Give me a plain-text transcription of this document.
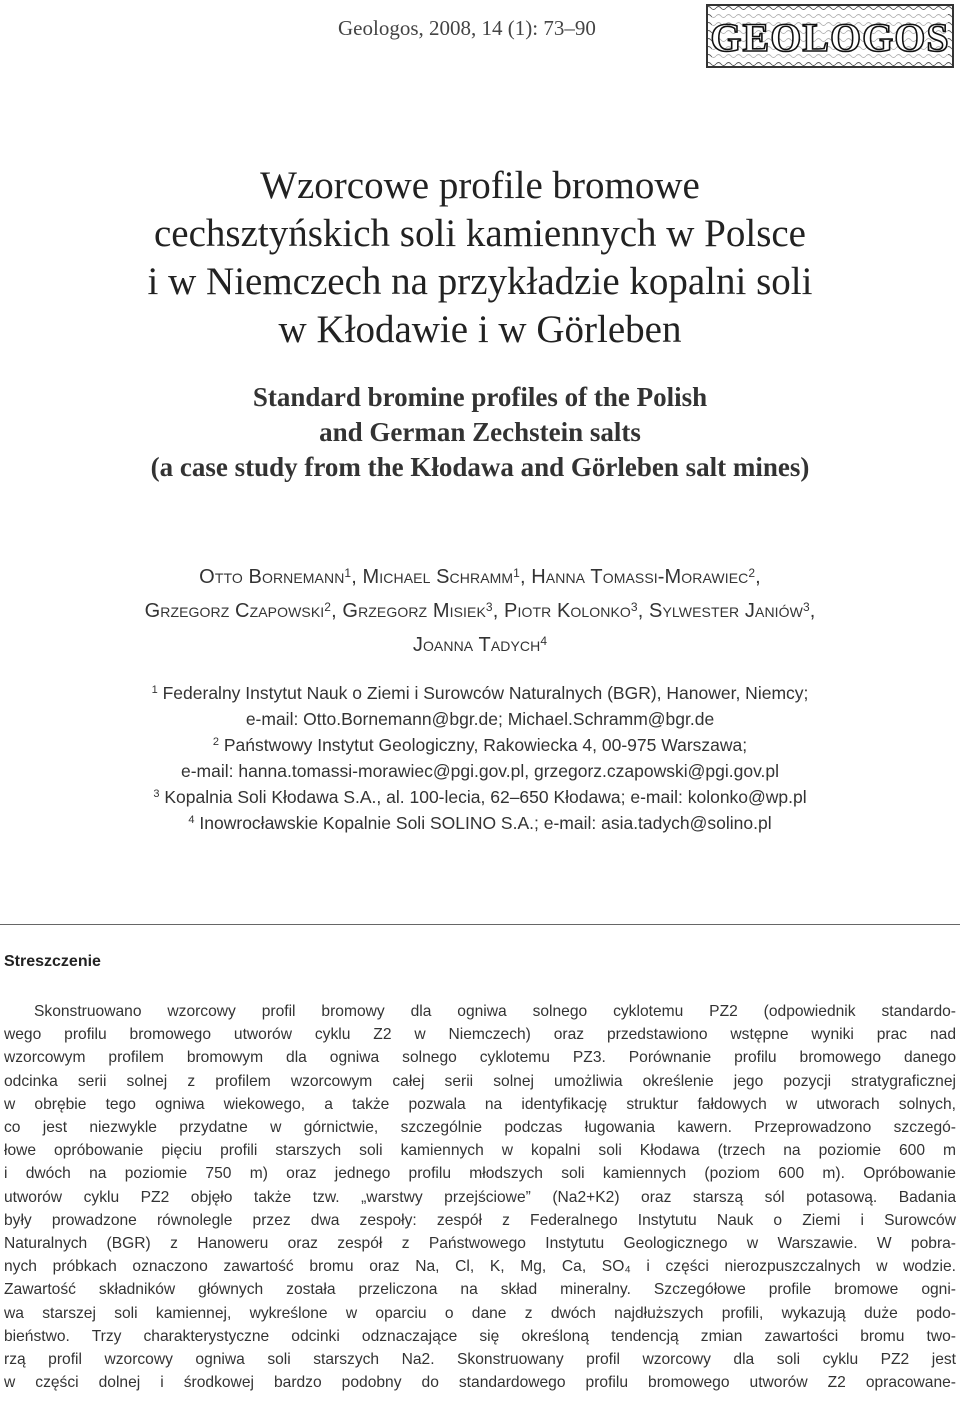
Geologos, 2008, 14 (1): 73–90	GEOLOGOS
Wzorcowe profile bromowe
cechsztyńskich soli kamiennych w Polsce
i w Niemczech na przykładzie kopalni soli
w Kłodawie i w Görleben
Standard bromine profiles of the Polish
and German Zechstein salts
(a case study from the Kłodawa and Görleben salt mines)
Otto Bornemann$^1$, Michael Schramm$^1$, Hanna Tomassi-Morawiec$^2$,
Grzegorz Czapowski$^2$, Grzegorz Misiek$^3$, Piotr Kolonko$^3$, Sylwester Janiów$^3$,
Joanna Tadych$^4$
$^1$ Federalny Instytut Nauk o Ziemi i Surowców Naturalnych (BGR), Hanower, Niemcy;
e-mail: Otto.Bornemann@bgr.de; Michael.Schramm@bgr.de
$^2$ Państwowy Instytut Geologiczny, Rakowiecka 4, 00-975 Warszawa;
e-mail: hanna.tomassi-morawiec@pgi.gov.pl, grzegorz.czapowski@pgi.gov.pl
$^3$ Kopalnia Soli Kłodawa S.A., al. 100-lecia, 62–650 Kłodawa; e-mail: kolonko@wp.pl
$^4$ Inowrocławskie Kopalnie Soli SOLINO S.A.; e-mail: asia.tadych@solino.pl
Streszczenie
Skonstruowano wzorcowy profil bromowy dla ogniwa solnego cyklotemu PZ2 (odpowiednik standardo-
wego profilu bromowego utworów cyklu Z2 w Niemczech) oraz przedstawiono wstępne wyniki prac nad
wzorcowym profilem bromowym dla ogniwa solnego cyklotemu PZ3. Porównanie profilu bromowego danego
odcinka serii solnej z profilem wzorcowym całej serii solnej umożliwia określenie jego pozycji stratygraficznej
w obrębie tego ogniwa wiekowego, a także pozwala na identyfikację struktur fałdowych w utworach solnych,
co jest niezwykle przydatne w górnictwie, szczególnie podczas ługowania kawern. Przeprowadzono szczegó-
łowe opróbowanie pięciu profili starszych soli kamiennych w kopalni soli Kłodawa (trzech na poziomie 600 m
i dwóch na poziomie 750 m) oraz jednego profilu młodszych soli kamiennych (poziom 600 m). Opróbowanie
utworów cyklu PZ2 objęło także tzw. „warstwy przejściowe” (Na2+K2) oraz starszą sól potasową. Badania
były prowadzone równolegle przez dwa zespoły: zespół z Federalnego Instytutu Nauk o Ziemi i Surowców
Naturalnych (BGR) z Hanoweru oraz zespół z Państwowego Instytutu Geologicznego w Warszawie. W pobra-
nych próbkach oznaczono zawartość bromu oraz Na, Cl, K, Mg, Ca, SO₄ i części nierozpuszczalnych w wodzie.
Zawartość składników głównych została przeliczona na skład mineralny. Szczegółowe profile bromowe ogni-
wa starszej soli kamiennej, wykreślone w oparciu o dane z dwóch najdłuższych profili, wykazują duże podo-
bieństwo. Trzy charakterystyczne odcinki odznaczające się określoną tendencją zmian zawartości bromu two-
rzą profil wzorcowy ogniwa soli starszych Na2. Skonstruowany profil wzorcowy dla soli cyklu PZ2 jest
w części dolnej i środkowej bardzo podobny do standardowego profilu bromowego utworów Z2 opracowane-
